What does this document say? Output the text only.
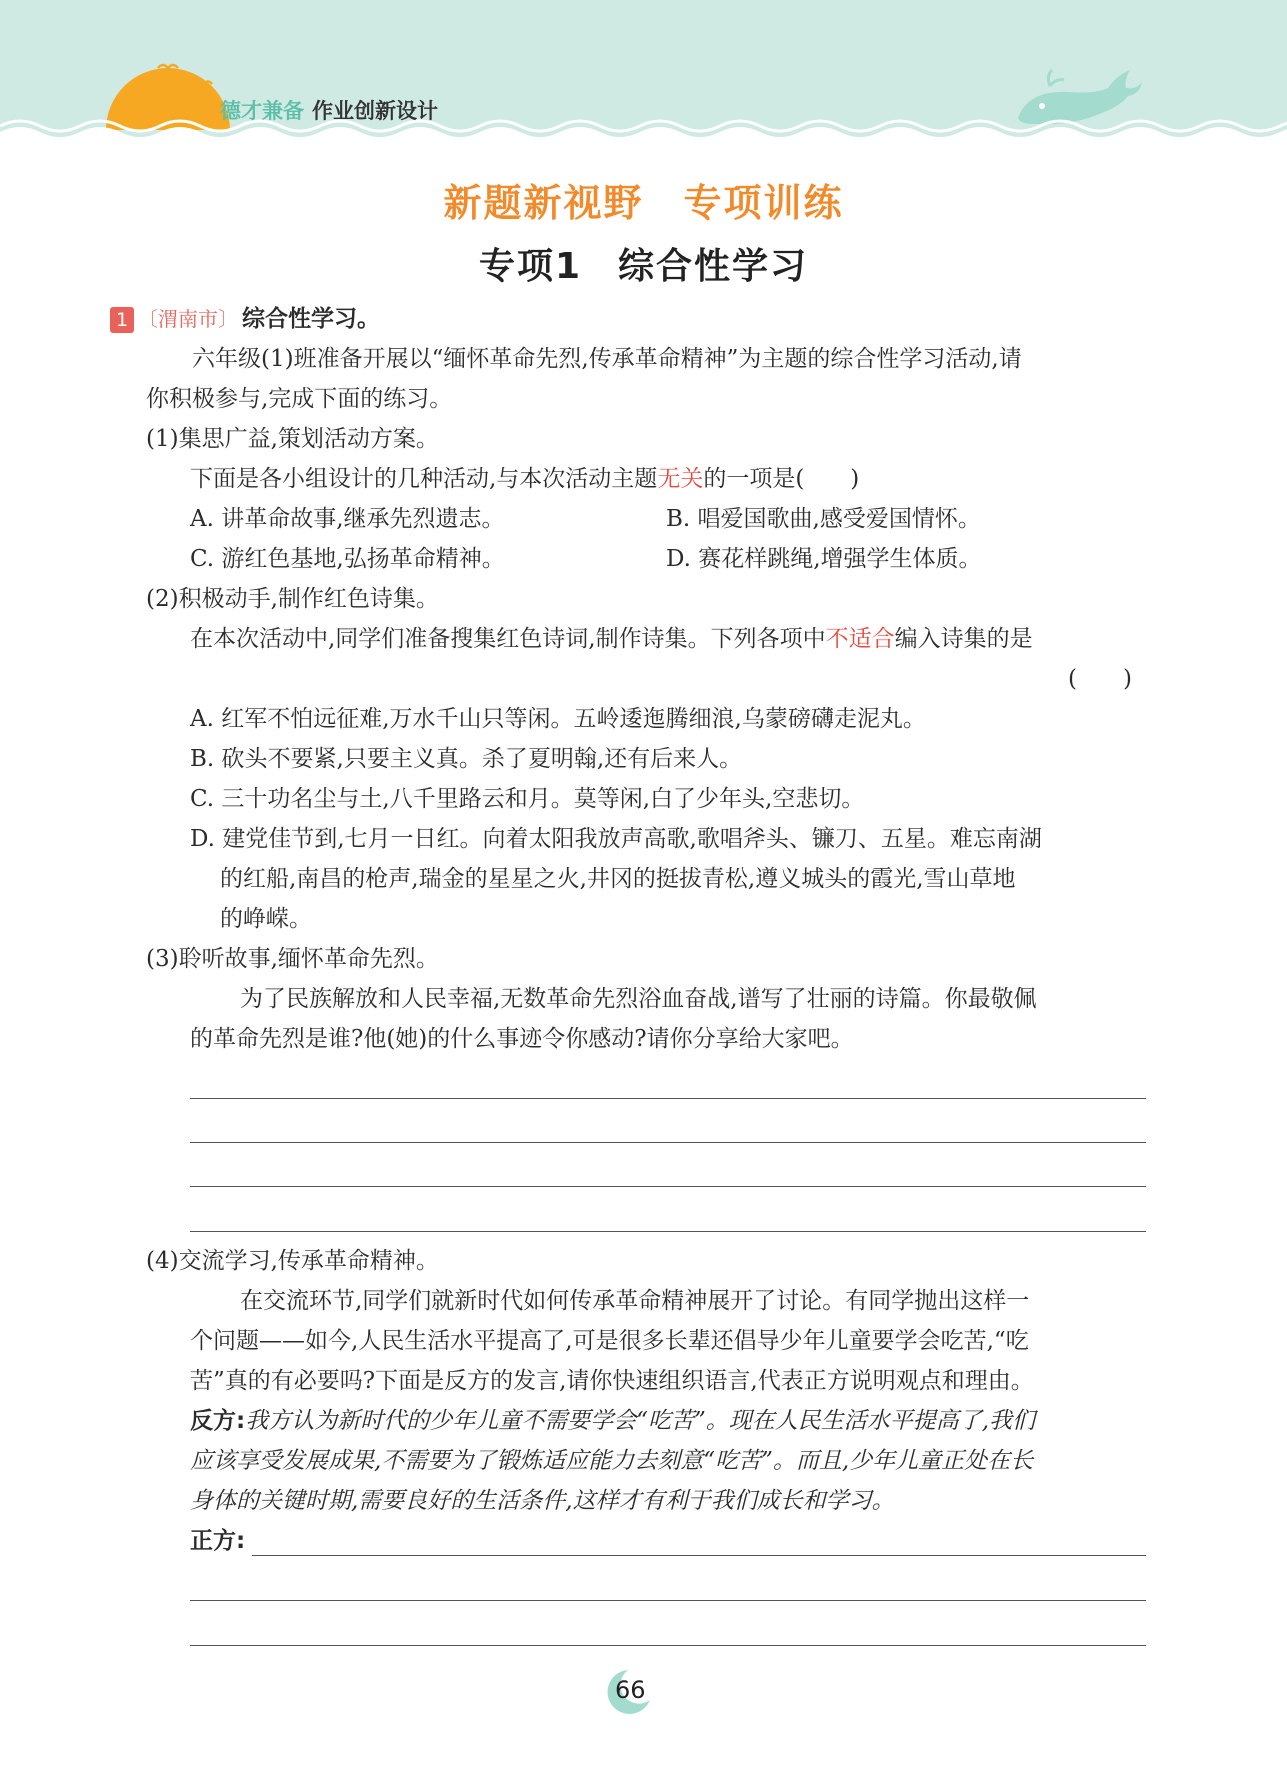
德才兼备 作业创新设计
新题新视野 专项训练
专项1 综合性学习
1 〔渭南市〕 综合性学习。
六年级(1)班准备开展以“缅怀革命先烈,传承革命精神”为主题的综合性学习活动,请
你积极参与,完成下面的练习。
(1)集思广益,策划活动方案。
下面是各小组设计的几种活动,与本次活动主题无关的一项是(　　)
A. 讲革命故事,继承先烈遗志。	B. 唱爱国歌曲,感受爱国情怀。
C. 游红色基地,弘扬革命精神。	D. 赛花样跳绳,增强学生体质。
(2)积极动手,制作红色诗集。
在本次活动中,同学们准备搜集红色诗词,制作诗集。下列各项中不适合编入诗集的是
(　　)
A. 红军不怕远征难,万水千山只等闲。五岭逶迤腾细浪,乌蒙磅礴走泥丸。
B. 砍头不要紧,只要主义真。杀了夏明翰,还有后来人。
C. 三十功名尘与土,八千里路云和月。莫等闲,白了少年头,空悲切。
D. 建党佳节到,七月一日红。向着太阳我放声高歌,歌唱斧头、镰刀、五星。难忘南湖
的红船,南昌的枪声,瑞金的星星之火,井冈的挺拔青松,遵义城头的霞光,雪山草地
的峥嵘。
(3)聆听故事,缅怀革命先烈。
为了民族解放和人民幸福,无数革命先烈浴血奋战,谱写了壮丽的诗篇。你最敬佩
的革命先烈是谁?他(她)的什么事迹令你感动?请你分享给大家吧。
(4)交流学习,传承革命精神。
在交流环节,同学们就新时代如何传承革命精神展开了讨论。有同学抛出这样一
个问题——如今,人民生活水平提高了,可是很多长辈还倡导少年儿童要学会吃苦,“吃
苦”真的有必要吗?下面是反方的发言,请你快速组织语言,代表正方说明观点和理由。
反方:我方认为新时代的少年儿童不需要学会“吃苦”。现在人民生活水平提高了,我们
应该享受发展成果,不需要为了锻炼适应能力去刻意“吃苦”。而且,少年儿童正处在长
身体的关键时期,需要良好的生活条件,这样才有利于我们成长和学习。
正方:
66
